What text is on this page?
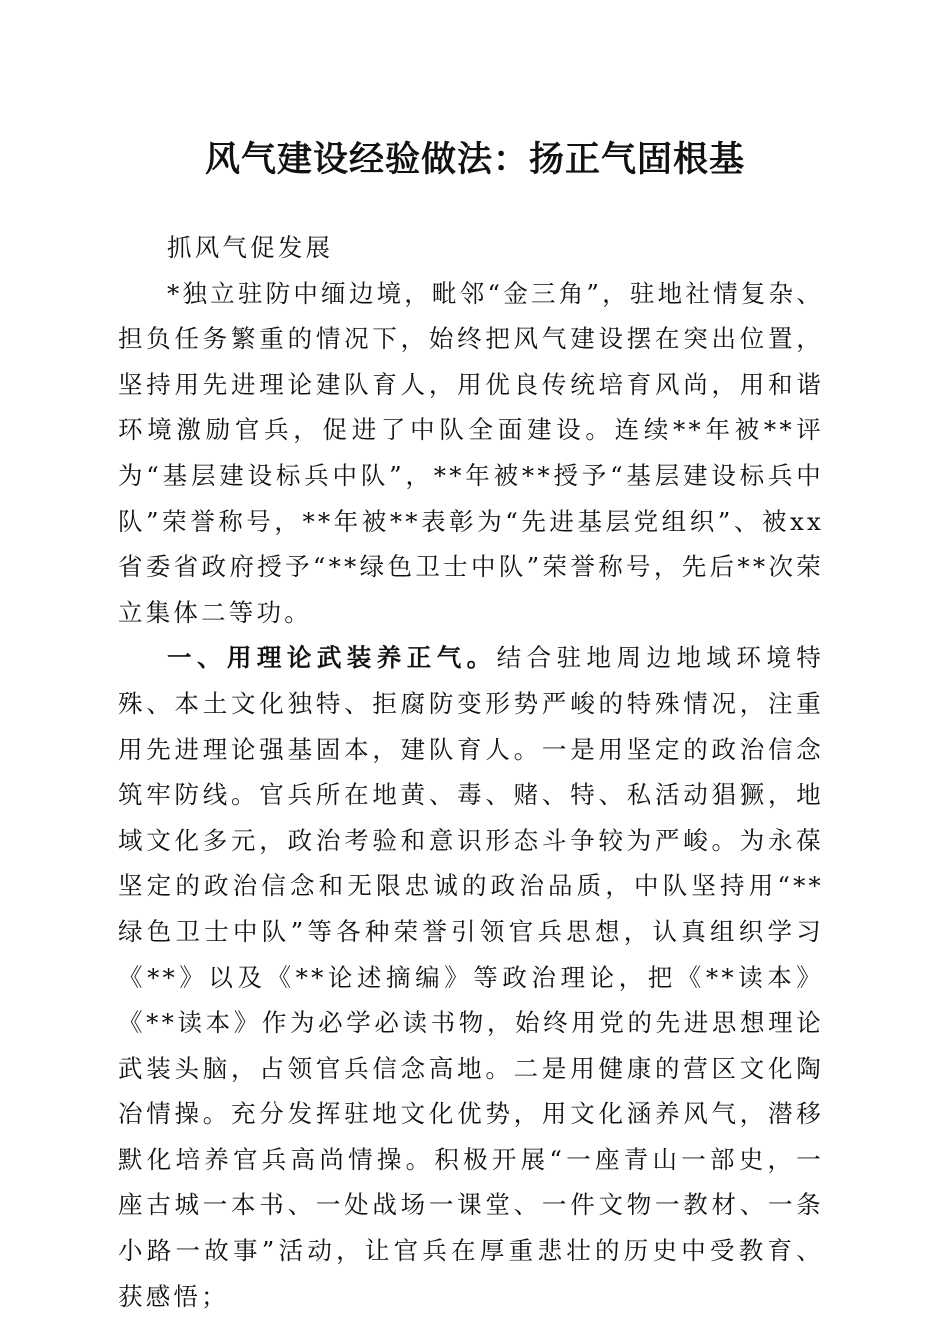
风气建设经验做法：扬正气固根基

抓风气促发展

*独立驻防中缅边境，毗邻“金三角”，驻地社情复杂、担负任务繁重的情况下，始终把风气建设摆在突出位置，坚持用先进理论建队育人，用优良传统培育风尚，用和谐环境激励官兵，促进了中队全面建设。连续**年被**评为“基层建设标兵中队”，**年被**授予“基层建设标兵中队”荣誉称号，**年被**表彰为“先进基层党组织”、被xx省委省政府授予“**绿色卫士中队”荣誉称号，先后**次荣立集体二等功。

一、用理论武装养正气。结合驻地周边地域环境特殊、本土文化独特、拒腐防变形势严峻的特殊情况，注重用先进理论强基固本，建队育人。一是用坚定的政治信念筑牢防线。官兵所在地黄、毒、赌、特、私活动猖獗，地域文化多元，政治考验和意识形态斗争较为严峻。为永葆坚定的政治信念和无限忠诚的政治品质，中队坚持用“**绿色卫士中队”等各种荣誉引领官兵思想，认真组织学习《**》以及《**论述摘编》等政治理论，把《**读本》《**读本》作为必学必读书物，始终用党的先进思想理论武装头脑，占领官兵信念高地。二是用健康的营区文化陶冶情操。充分发挥驻地文化优势，用文化涵养风气，潜移默化培养官兵高尚情操。积极开展“一座青山一部史，一座古城一本书、一处战场一课堂、一件文物一教材、一条小路一故事”活动，让官兵在厚重悲壮的历史中受教育、获感悟；
